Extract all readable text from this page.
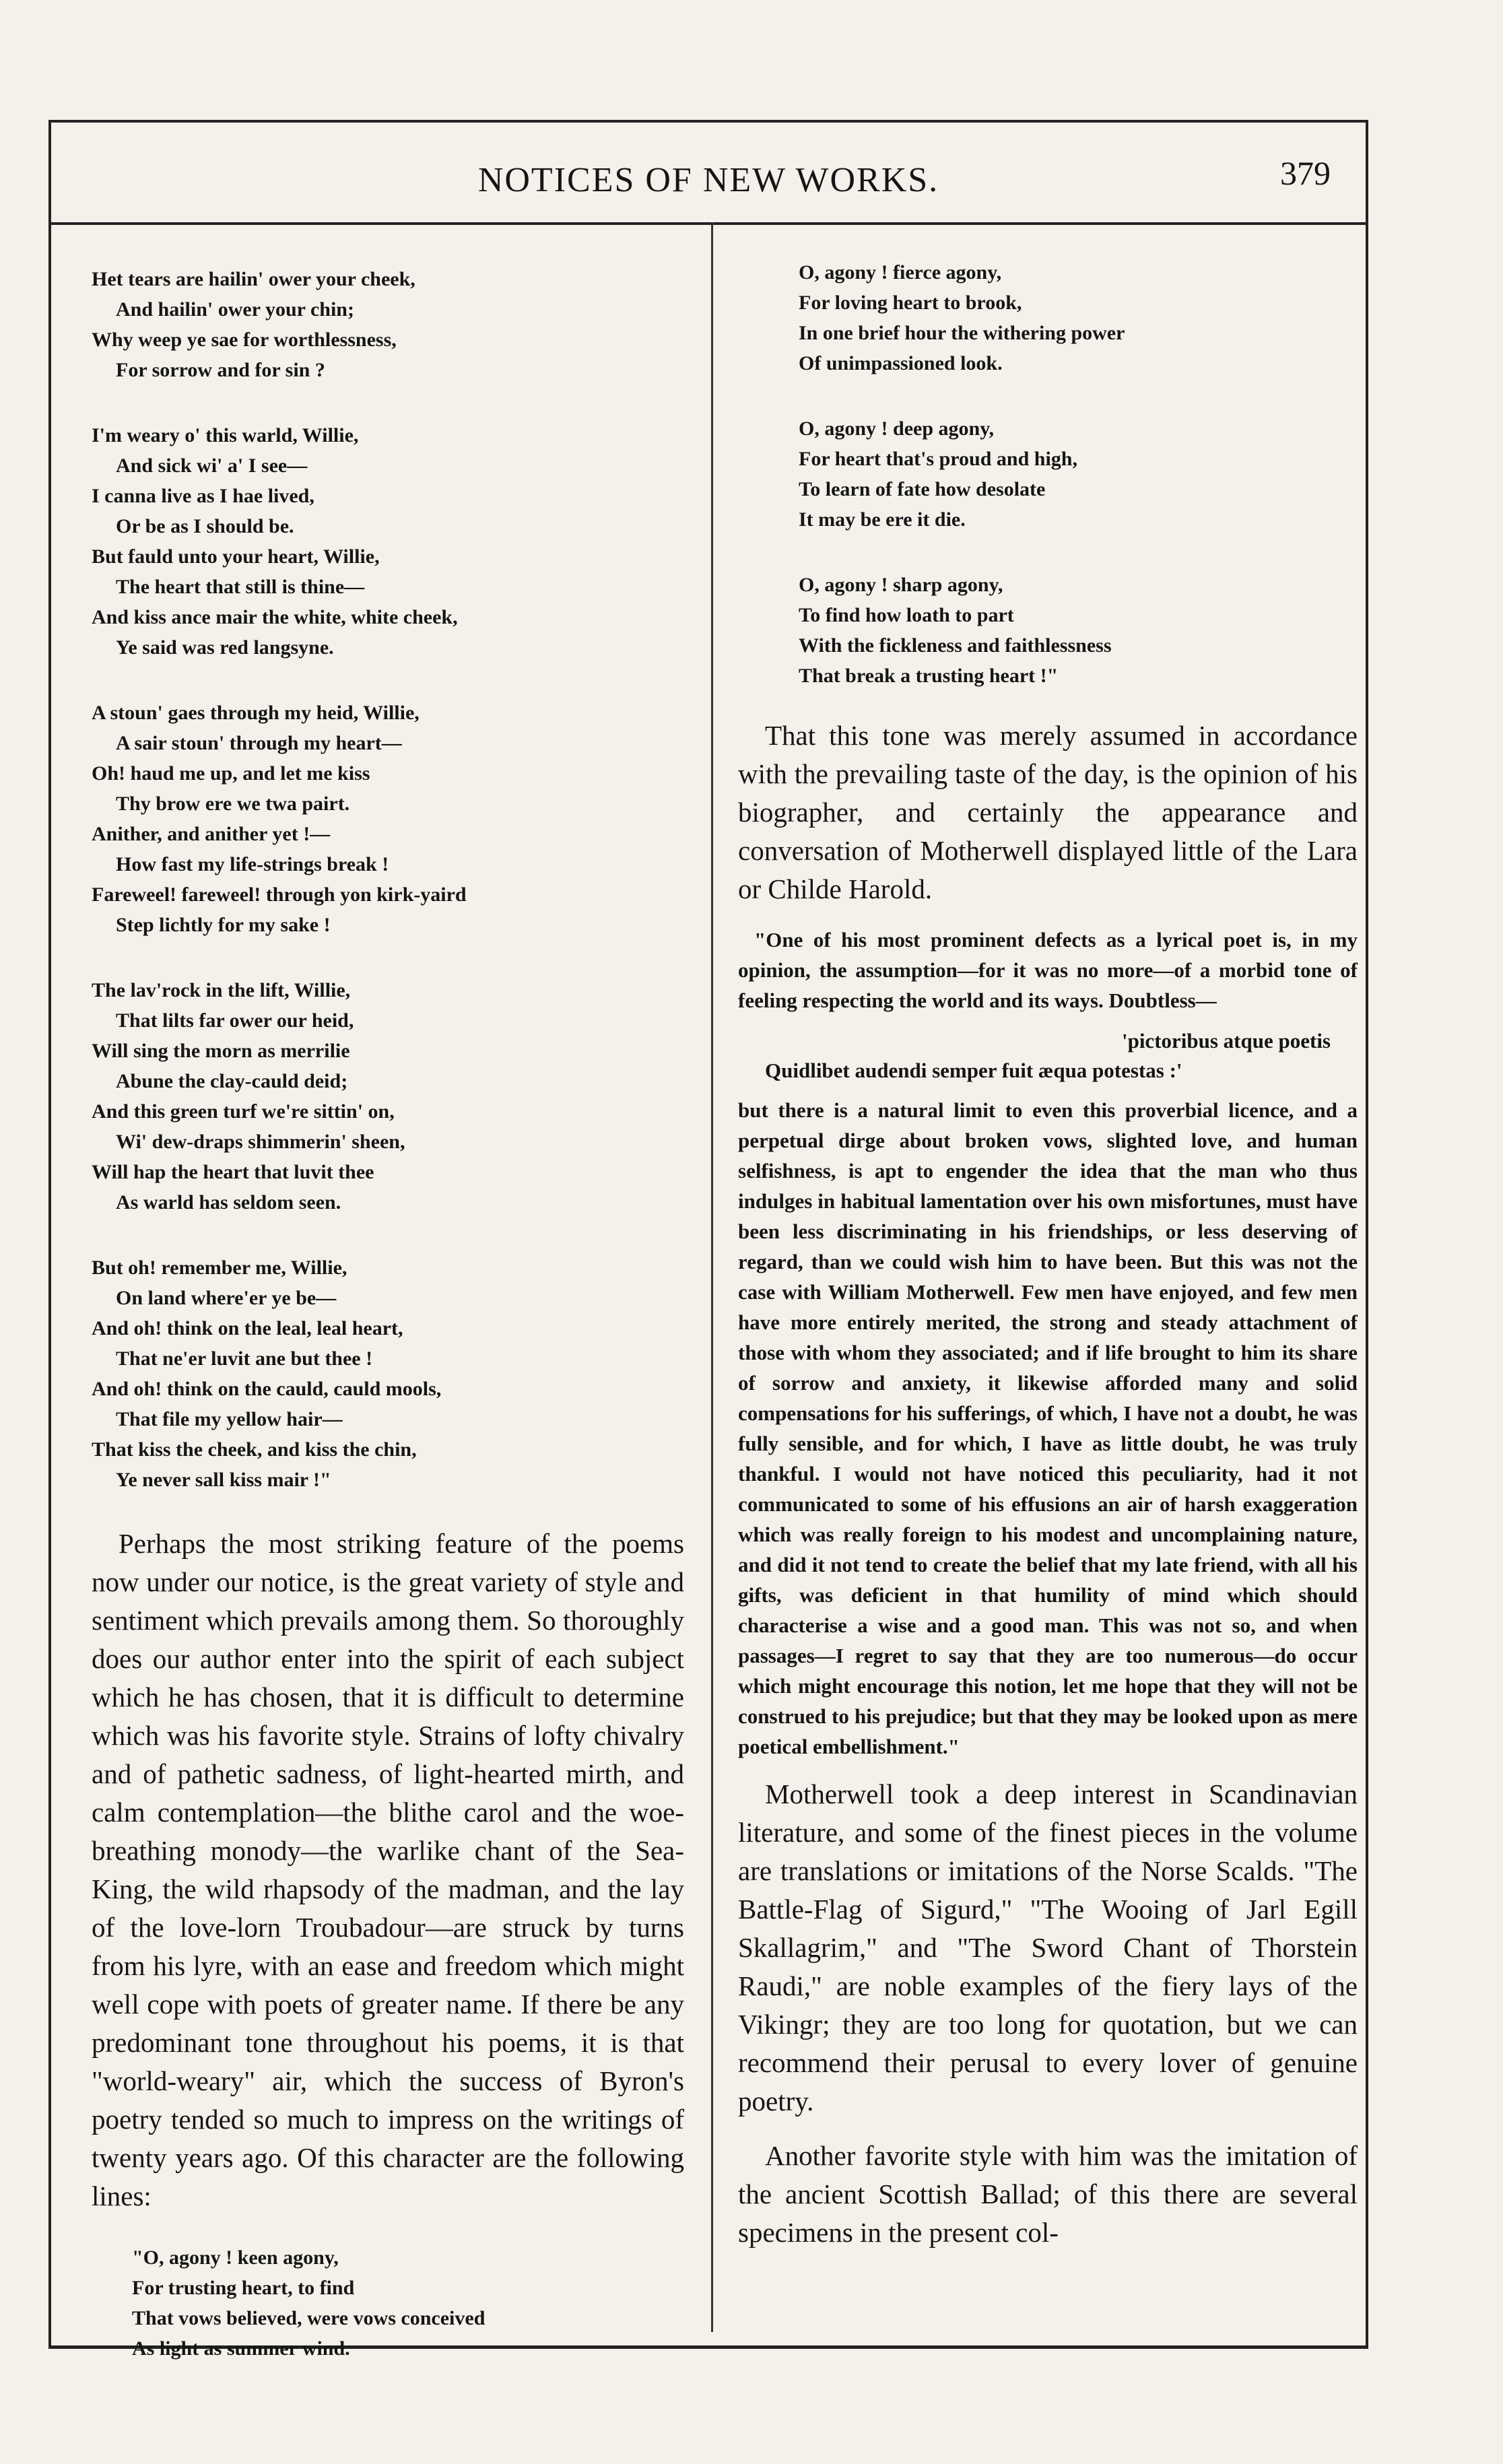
NOTICES OF NEW WORKS.	379
Het tears are hailin' ower your cheek,
And hailin' ower your chin;
Why weep ye sae for worthlessness,
For sorrow and for sin ?
I'm weary o' this warld, Willie,
And sick wi' a' I see—
I canna live as I hae lived,
Or be as I should be.
But fauld unto your heart, Willie,
The heart that still is thine—
And kiss ance mair the white, white cheek,
Ye said was red langsyne.
A stoun' gaes through my heid, Willie,
A sair stoun' through my heart—
Oh! haud me up, and let me kiss
Thy brow ere we twa pairt.
Anither, and anither yet !—
How fast my life-strings break !
Fareweel! fareweel! through yon kirk-yaird
Step lichtly for my sake !
The lav'rock in the lift, Willie,
That lilts far ower our heid,
Will sing the morn as merrilie
Abune the clay-cauld deid;
And this green turf we're sittin' on,
Wi' dew-draps shimmerin' sheen,
Will hap the heart that luvit thee
As warld has seldom seen.
But oh! remember me, Willie,
On land where'er ye be—
And oh! think on the leal, leal heart,
That ne'er luvit ane but thee !
And oh! think on the cauld, cauld mools,
That file my yellow hair—
That kiss the cheek, and kiss the chin,
Ye never sall kiss mair !"

Perhaps the most striking feature of the poems now under our notice, is the great variety of style and sentiment which prevails among them. So thoroughly does our author enter into the spirit of each subject which he has chosen, that it is difficult to determine which was his favorite style. Strains of lofty chivalry and of pathetic sadness, of light-hearted mirth, and calm contemplation—the blithe carol and the woe-breathing monody—the warlike chant of the Sea-King, the wild rhapsody of the madman, and the lay of the love-lorn Troubadour—are struck by turns from his lyre, with an ease and freedom which might well cope with poets of greater name. If there be any predominant tone throughout his poems, it is that "world-weary" air, which the success of Byron's poetry tended so much to impress on the writings of twenty years ago. Of this character are the following lines:

"O, agony ! keen agony,
For trusting heart, to find
That vows believed, were vows conceived
As light as summer wind.
O, agony ! fierce agony,
For loving heart to brook,
In one brief hour the withering power
Of unimpassioned look.
O, agony ! deep agony,
For heart that's proud and high,
To learn of fate how desolate
It may be ere it die.
O, agony ! sharp agony,
To find how loath to part
With the fickleness and faithlessness
That break a trusting heart !"

That this tone was merely assumed in accordance with the prevailing taste of the day, is the opinion of his biographer, and certainly the appearance and conversation of Motherwell displayed little of the Lara or Childe Harold.

"One of his most prominent defects as a lyrical poet is, in my opinion, the assumption—for it was no more—of a morbid tone of feeling respecting the world and its ways. Doubtless—

'pictoribus atque poetis
Quidlibet audendi semper fuit æqua potestas :'

but there is a natural limit to even this proverbial licence, and a perpetual dirge about broken vows, slighted love, and human selfishness, is apt to engender the idea that the man who thus indulges in habitual lamentation over his own misfortunes, must have been less discriminating in his friendships, or less deserving of regard, than we could wish him to have been. But this was not the case with William Motherwell. Few men have enjoyed, and few men have more entirely merited, the strong and steady attachment of those with whom they associated; and if life brought to him its share of sorrow and anxiety, it likewise afforded many and solid compensations for his sufferings, of which, I have not a doubt, he was fully sensible, and for which, I have as little doubt, he was truly thankful. I would not have noticed this peculiarity, had it not communicated to some of his effusions an air of harsh exaggeration which was really foreign to his modest and uncomplaining nature, and did it not tend to create the belief that my late friend, with all his gifts, was deficient in that humility of mind which should characterise a wise and a good man. This was not so, and when passages—I regret to say that they are too numerous—do occur which might encourage this notion, let me hope that they will not be construed to his prejudice; but that they may be looked upon as mere poetical embellishment."

Motherwell took a deep interest in Scandinavian literature, and some of the finest pieces in the volume are translations or imitations of the Norse Scalds. "The Battle-Flag of Sigurd," "The Wooing of Jarl Egill Skallagrim," and "The Sword Chant of Thorstein Raudi," are noble examples of the fiery lays of the Vikingr; they are too long for quotation, but we can recommend their perusal to every lover of genuine poetry.

Another favorite style with him was the imitation of the ancient Scottish Ballad; of this there are several specimens in the present col-
